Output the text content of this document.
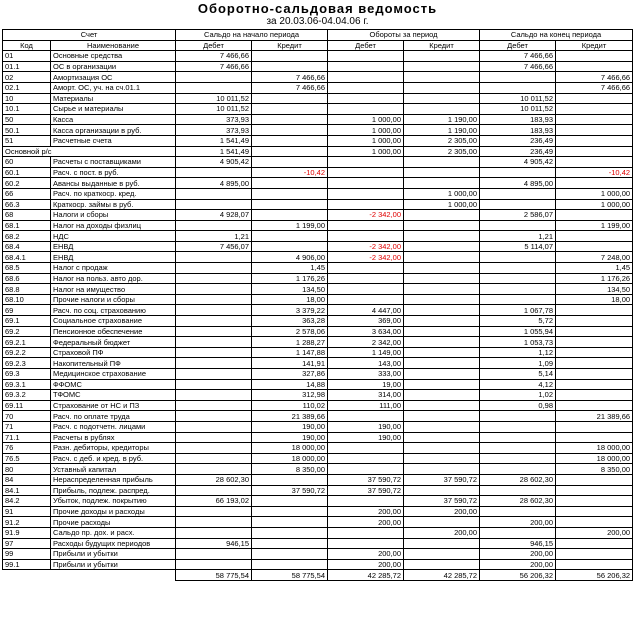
Оборотно-сальдовая ведомость
за 20.03.06-04.04.06 г.
Счет		Сальдо на начало периода		Обороты за период		Сальдо на конец периода	
Код	Наименование	Дебет	Кредит	Дебет	Кредит	Дебет	Кредит
01	Основные средства	7 466,66				7 466,66	
01.1	ОС в организации	7 466,66				7 466,66	
02	Амортизация ОС		7 466,66				7 466,66
02.1	Аморт. ОС, уч. на сч.01.1		7 466,66				7 466,66
10	Материалы	10 011,52				10 011,52	
10.1	Сырье и материалы	10 011,52				10 011,52	
50	Касса	373,93		1 000,00	1 190,00	183,93	
50.1	Касса организации в руб.	373,93		1 000,00	1 190,00	183,93	
51	Расчетные счета	1 541,49		1 000,00	2 305,00	236,49	
Основной р/с		1 541,49		1 000,00	2 305,00	236,49	
60	Расчеты с поставщиками	4 905,42				4 905,42	
60.1	Расч. с пост. в руб.		-10,42				-10,42
60.2	Авансы выданные в руб.	4 895,00				4 895,00	
66	Расч. по краткоср. кред.				1 000,00		1 000,00
66.3	Краткоср. займы в руб.				1 000,00		1 000,00
68	Налоги и сборы	4 928,07		-2 342,00		2 586,07	
68.1	Налог на доходы физлиц		1 199,00				1 199,00
68.2	НДС	1,21				1,21	
68.4	ЕНВД	7 456,07		-2 342,00		5 114,07	
68.4.1	ЕНВД		4 906,00	-2 342,00			7 248,00
68.5	Налог с продаж		1,45				1,45
68.6	Налог на польз. авто дор.		1 176,26				1 176,26
68.8	Налог на имущество		134,50				134,50
68.10	Прочие налоги и сборы		18,00				18,00
69	Расч. по соц. страхованию		3 379,22	4 447,00		1 067,78	
69.1	Социальное страхование		363,28	369,00		5,72	
69.2	Пенсионное обеспечение		2 578,06	3 634,00		1 055,94	
69.2.1	Федеральный бюджет		1 288,27	2 342,00		1 053,73	
69.2.2	Страховой ПФ		1 147,88	1 149,00		1,12	
69.2.3	Накопительный ПФ		141,91	143,00		1,09	
69.3	Медицинское страхование		327,86	333,00		5,14	
69.3.1	ФФОМС		14,88	19,00		4,12	
69.3.2	ТФОМС		312,98	314,00		1,02	
69.11	Страхование от НС и ПЗ		110,02	111,00		0,98	
70	Расч. по оплате труда		21 389,66				21 389,66
71	Расч. с подотчетн. лицами		190,00	190,00			
71.1	Расчеты в рублях		190,00	190,00			
76	Разн. дебиторы, кредиторы		18 000,00				18 000,00
76.5	Расч. с деб. и кред. в руб.		18 000,00				18 000,00
80	Уставный капитал		8 350,00				8 350,00
84	Нераспределенная прибыль	28 602,30		37 590,72	37 590,72	28 602,30	
84.1	Прибыль, подлеж. распред.		37 590,72	37 590,72			
84.2	Убыток, подлеж. покрытию	66 193,02			37 590,72	28 602,30	
91	Прочие доходы и расходы			200,00	200,00		
91.2	Прочие расходы			200,00		200,00	
91.9	Сальдо пр. дох. и расх.				200,00		200,00
97	Расходы будущих периодов	946,15				946,15	
99	Прибыли и убытки			200,00		200,00	
99.1	Прибыли и убытки			200,00		200,00	
		58 775,54	58 775,54	42 285,72	42 285,72	56 206,32	56 206,32
